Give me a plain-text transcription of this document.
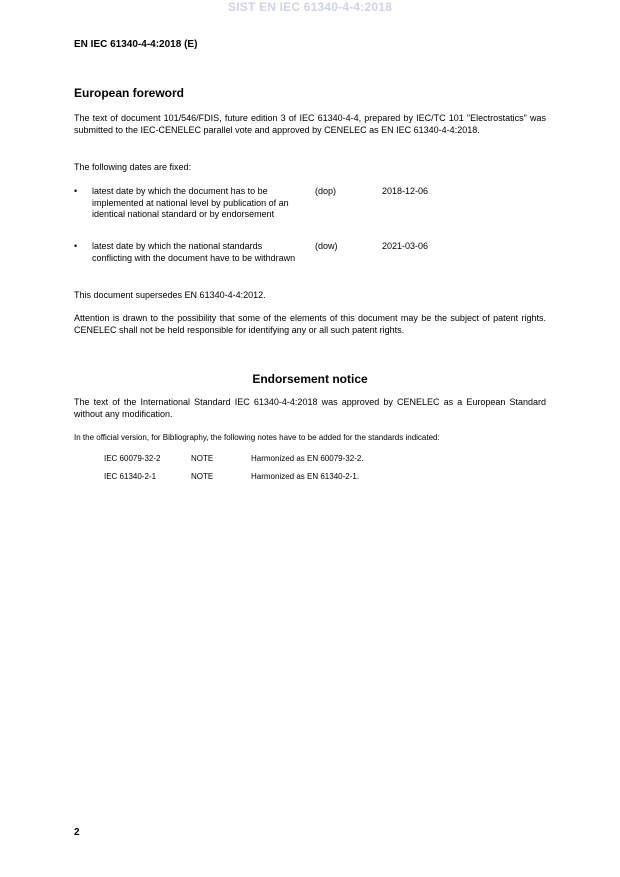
SIST EN IEC 61340-4-4:2018
EN IEC 61340-4-4:2018 (E)
European foreword
The text of document 101/546/FDIS, future edition 3 of IEC 61340-4-4, prepared by IEC/TC 101 "Electrostatics" was submitted to the IEC-CENELEC parallel vote and approved by CENELEC as EN IEC 61340-4-4:2018.
The following dates are fixed:
• latest date by which the document has to be implemented at national level by publication of an identical national standard or by endorsement
(dop)	2018-12-06
• latest date by which the national standards conflicting with the document have to be withdrawn
(dow)	2021-03-06
This document supersedes EN 61340-4-4:2012.
Attention is drawn to the possibility that some of the elements of this document may be the subject of patent rights. CENELEC shall not be held responsible for identifying any or all such patent rights.
Endorsement notice
The text of the International Standard IEC 61340-4-4:2018 was approved by CENELEC as a European Standard without any modification.
In the official version, for Bibliography, the following notes have to be added for the standards indicated:
IEC 60079-32-2	NOTE	Harmonized as EN 60079-32-2.
IEC 61340-2-1	NOTE	Harmonized as EN 61340-2-1.
2
